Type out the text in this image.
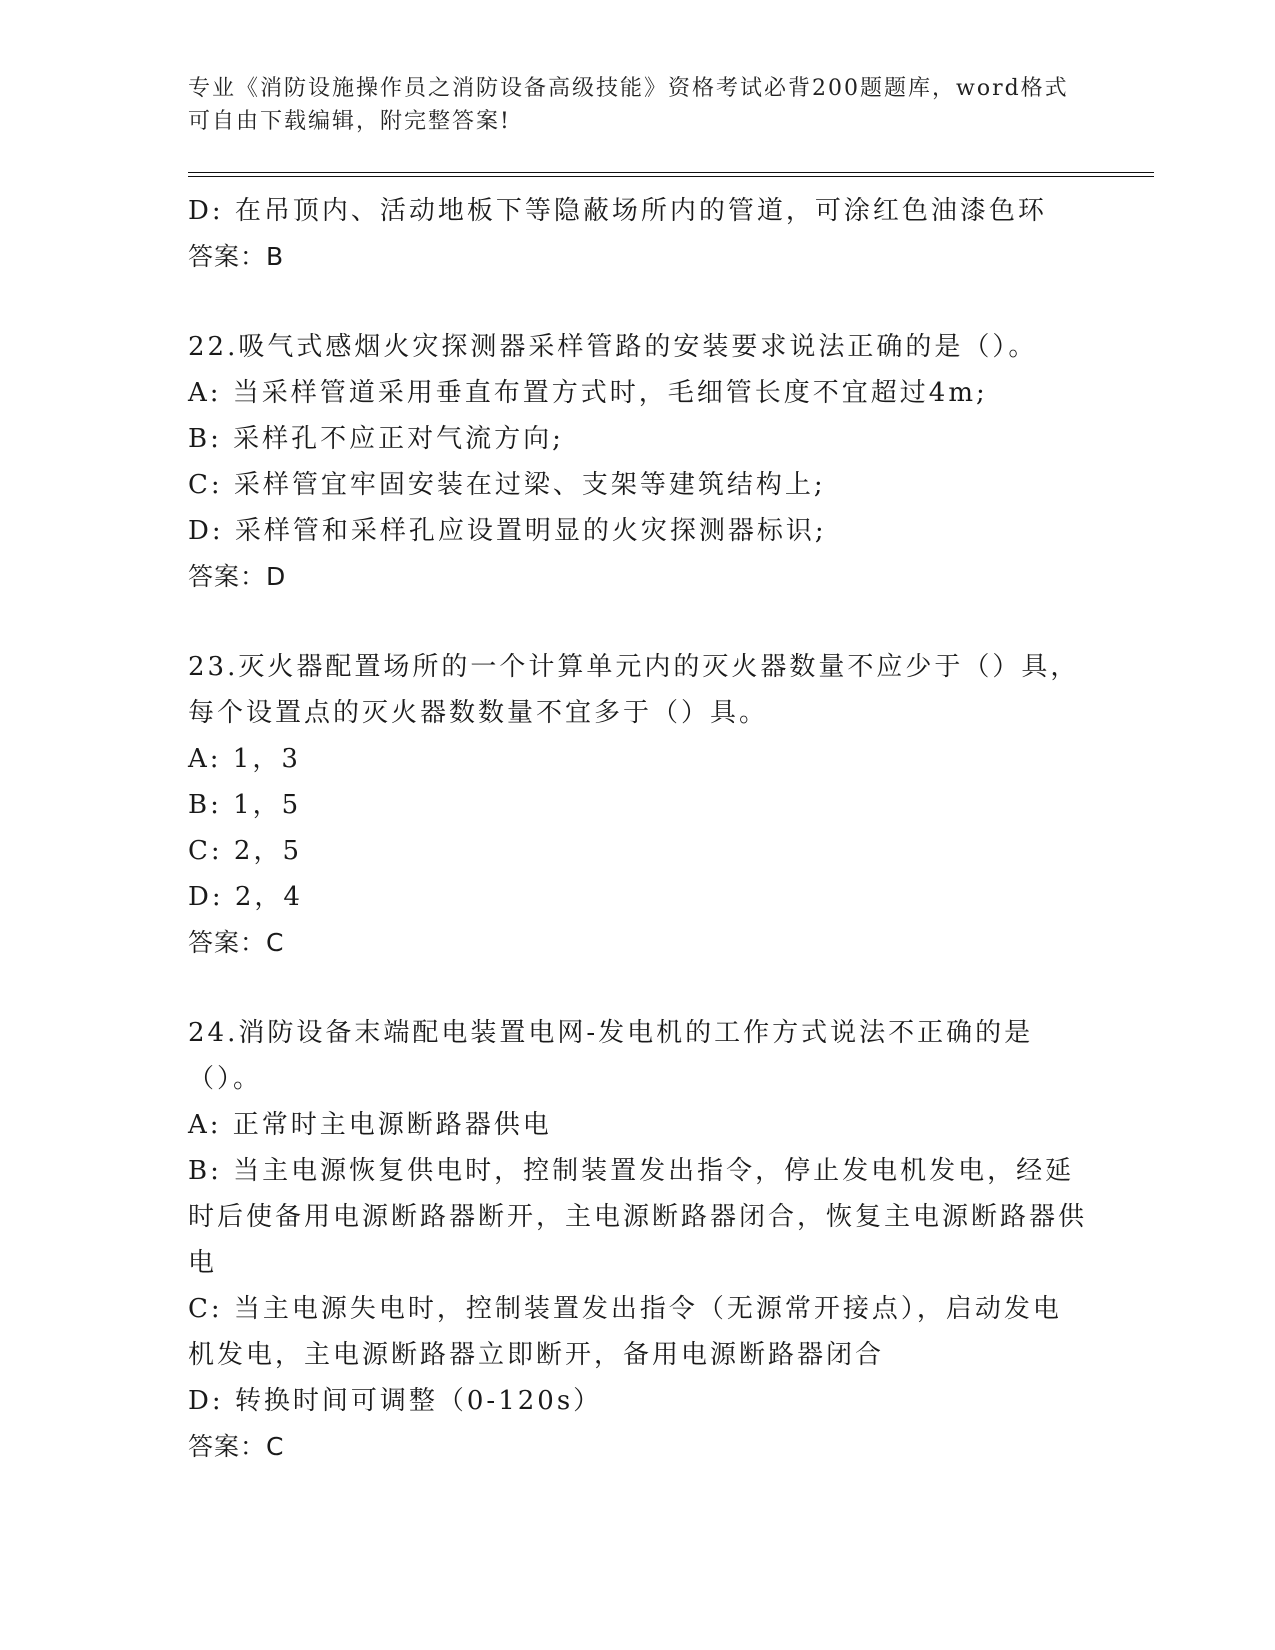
专业《消防设施操作员之消防设备高级技能》资格考试必背200题题库，word格式可自由下载编辑，附完整答案!
D: 在吊顶内、活动地板下等隐蔽场所内的管道，可涂红色油漆色环
答案：B
22.吸气式感烟火灾探测器采样管路的安装要求说法正确的是（）。
A: 当采样管道采用垂直布置方式时，毛细管长度不宜超过4m;
B: 采样孔不应正对气流方向;
C: 采样管宜牢固安装在过梁、支架等建筑结构上;
D: 采样管和采样孔应设置明显的火灾探测器标识;
答案：D
23.灭火器配置场所的一个计算单元内的灭火器数量不应少于（）具，每个设置点的灭火器数数量不宜多于（）具。
A: 1，3
B: 1，5
C: 2，5
D: 2，4
答案：C
24.消防设备末端配电装置电网-发电机的工作方式说法不正确的是（）。
A: 正常时主电源断路器供电
B: 当主电源恢复供电时，控制装置发出指令，停止发电机发电，经延时后使备用电源断路器断开，主电源断路器闭合，恢复主电源断路器供电
C: 当主电源失电时，控制装置发出指令（无源常开接点），启动发电机发电，主电源断路器立即断开，备用电源断路器闭合
D: 转换时间可调整（0-120s）
答案：C
